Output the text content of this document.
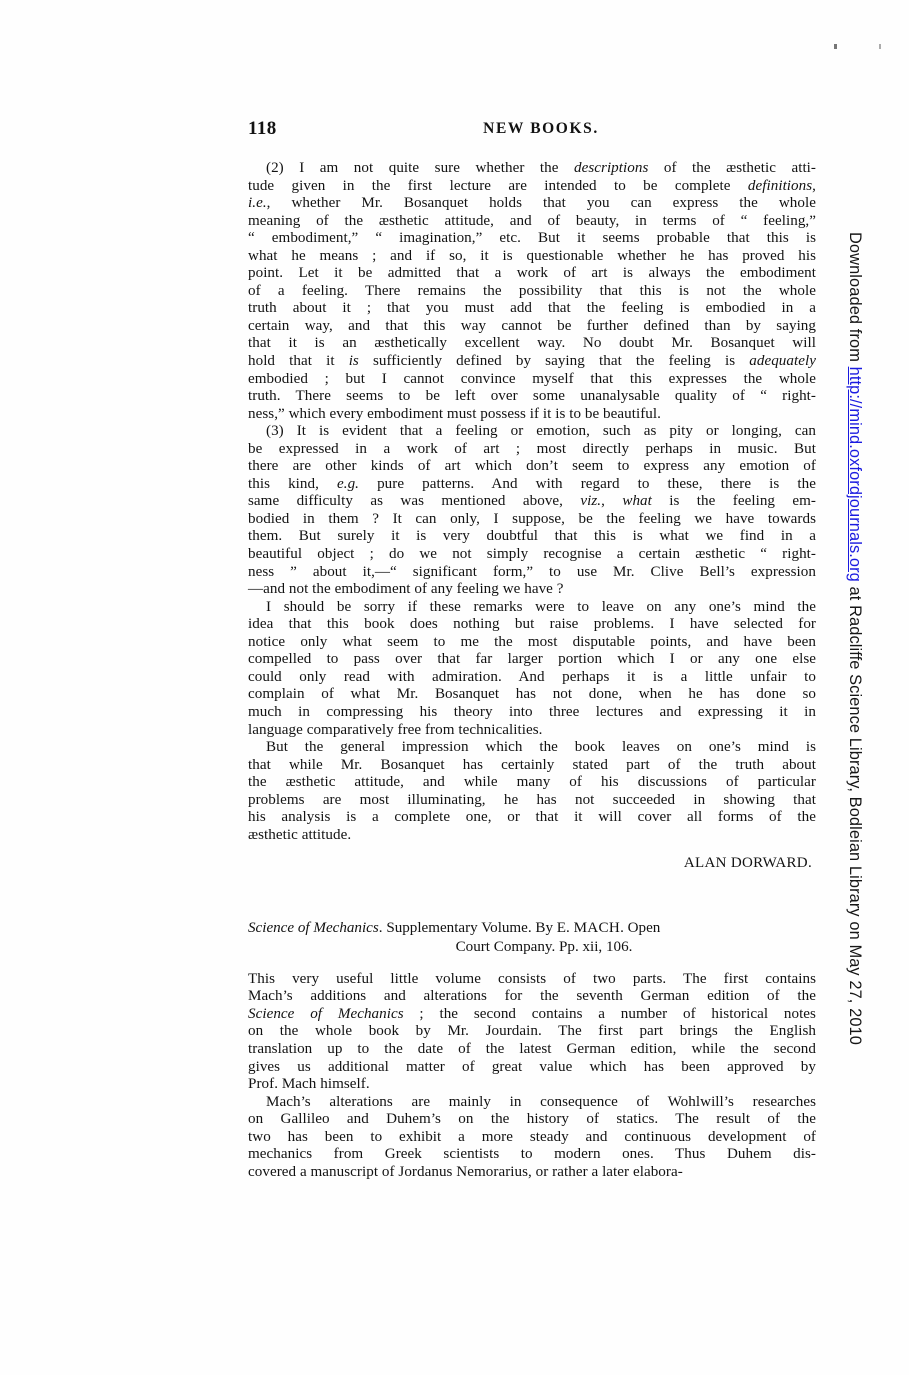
118	NEW BOOKS.
(2) I am not quite sure whether the descriptions of the æsthetic atti-
tude given in the first lecture are intended to be complete definitions,
i.e., whether Mr. Bosanquet holds that you can express the whole
meaning of the æsthetic attitude, and of beauty, in terms of “ feeling,”
“ embodiment,” “ imagination,” etc. But it seems probable that this is
what he means ; and if so, it is questionable whether he has proved his
point. Let it be admitted that a work of art is always the embodiment
of a feeling. There remains the possibility that this is not the whole
truth about it ; that you must add that the feeling is embodied in a
certain way, and that this way cannot be further defined than by saying
that it is an æsthetically excellent way. No doubt Mr. Bosanquet will
hold that it is sufficiently defined by saying that the feeling is adequately
embodied ; but I cannot convince myself that this expresses the whole
truth. There seems to be left over some unanalysable quality of “ right-
ness,” which every embodiment must possess if it is to be beautiful.
(3) It is evident that a feeling or emotion, such as pity or longing, can
be expressed in a work of art ; most directly perhaps in music. But
there are other kinds of art which don’t seem to express any emotion of
this kind, e.g. pure patterns. And with regard to these, there is the
same difficulty as was mentioned above, viz., what is the feeling em-
bodied in them ? It can only, I suppose, be the feeling we have towards
them. But surely it is very doubtful that this is what we find in a
beautiful object ; do we not simply recognise a certain æsthetic “ right-
ness ” about it,—“ significant form,” to use Mr. Clive Bell’s expression
—and not the embodiment of any feeling we have ?
I should be sorry if these remarks were to leave on any one’s mind the
idea that this book does nothing but raise problems. I have selected for
notice only what seem to me the most disputable points, and have been
compelled to pass over that far larger portion which I or any one else
could only read with admiration. And perhaps it is a little unfair to
complain of what Mr. Bosanquet has not done, when he has done so
much in compressing his theory into three lectures and expressing it in
language comparatively free from technicalities.
But the general impression which the book leaves on one’s mind is
that while Mr. Bosanquet has certainly stated part of the truth about
the æsthetic attitude, and while many of his discussions of particular
problems are most illuminating, he has not succeeded in showing that
his analysis is a complete one, or that it will cover all forms of the
æsthetic attitude.
ALAN DORWARD.
Science of Mechanics. Supplementary Volume. By E. MACH. Open
Court Company. Pp. xii, 106.
This very useful little volume consists of two parts. The first contains
Mach’s additions and alterations for the seventh German edition of the
Science of Mechanics ; the second contains a number of historical notes
on the whole book by Mr. Jourdain. The first part brings the English
translation up to the date of the latest German edition, while the second
gives us additional matter of great value which has been approved by
Prof. Mach himself.
Mach’s alterations are mainly in consequence of Wohlwill’s researches
on Gallileo and Duhem’s on the history of statics. The result of the
two has been to exhibit a more steady and continuous development of
mechanics from Greek scientists to modern ones. Thus Duhem dis-
covered a manuscript of Jordanus Nemorarius, or rather a later elabora-
Downloaded from http://mind.oxfordjournals.org at Radcliffe Science Library, Bodleian Library on May 27, 2010
